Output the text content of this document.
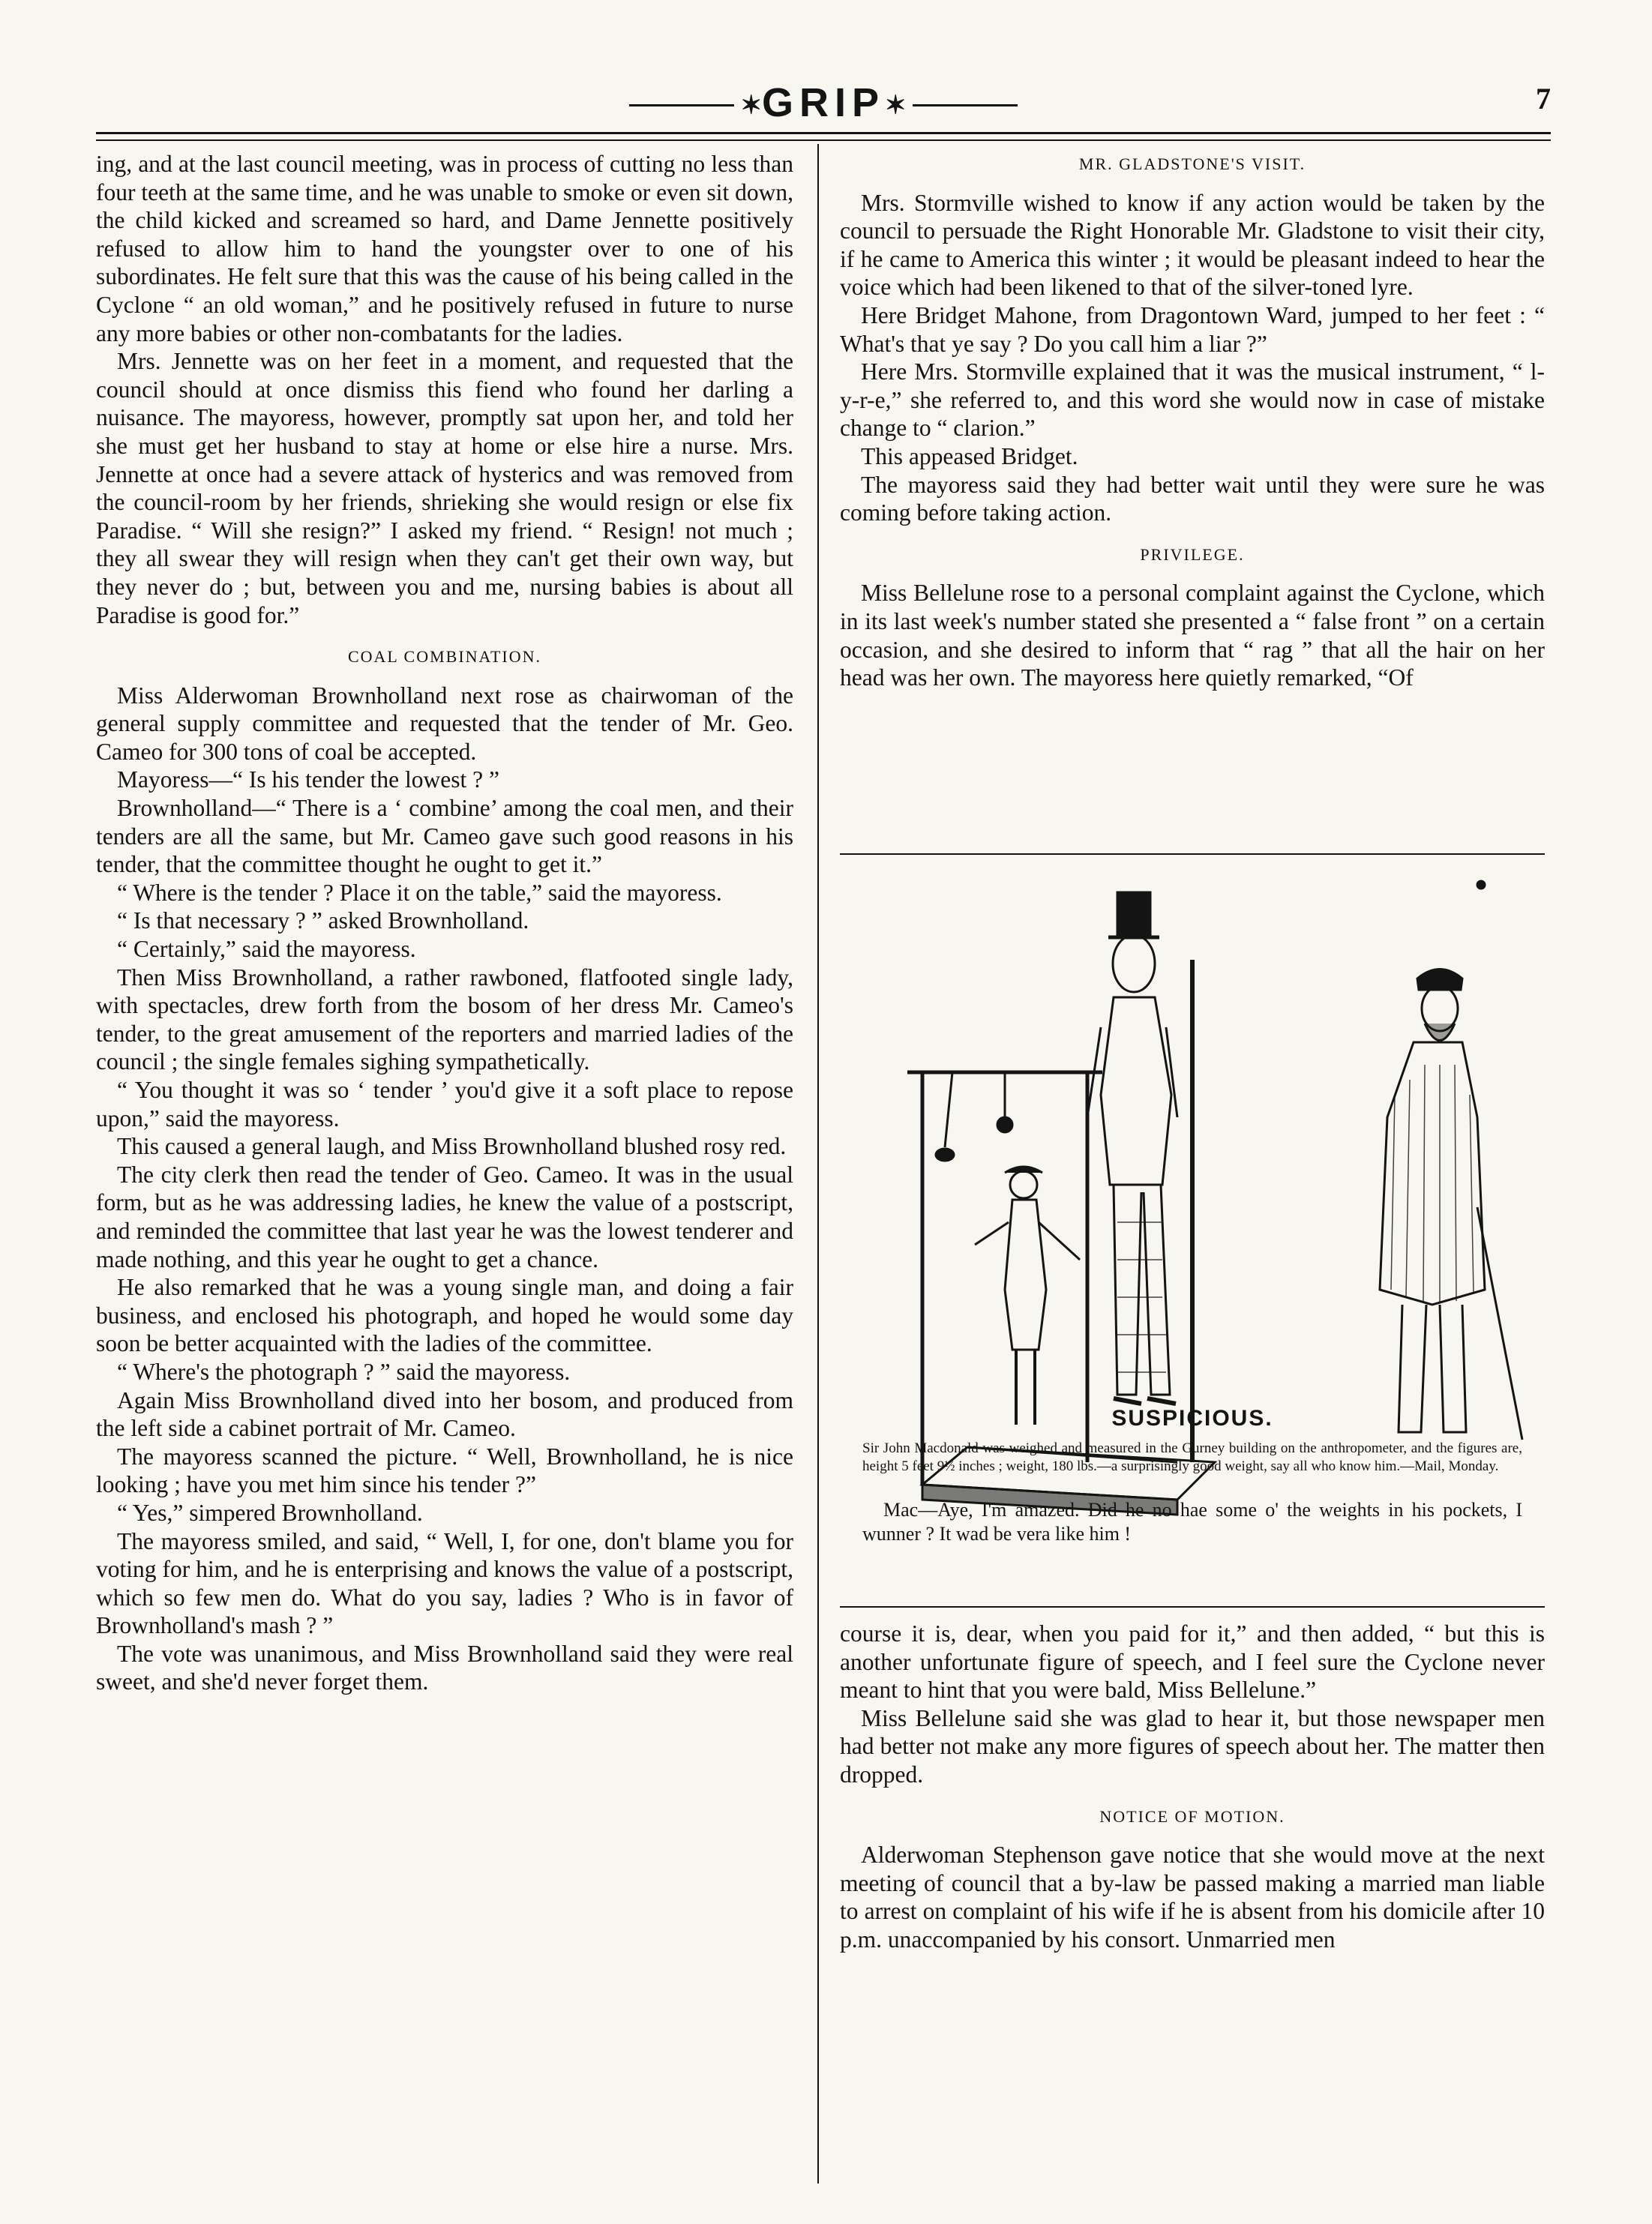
✶GRIP✶	7

ing, and at the last council meeting, was in process of cutting no less than four teeth at the same time, and he was unable to smoke or even sit down, the child kicked and screamed so hard, and Dame Jennette positively refused to allow him to hand the youngster over to one of his subordinates. He felt sure that this was the cause of his being called in the Cyclone “ an old woman,” and he positively refused in future to nurse any more babies or other non-combatants for the ladies.

Mrs. Jennette was on her feet in a moment, and requested that the council should at once dismiss this fiend who found her darling a nuisance. The mayoress, however, promptly sat upon her, and told her she must get her husband to stay at home or else hire a nurse. Mrs. Jennette at once had a severe attack of hysterics and was removed from the council-room by her friends, shrieking she would resign or else fix Paradise. “ Will she resign?” I asked my friend. “ Resign! not much ; they all swear they will resign when they can't get their own way, but they never do ; but, between you and me, nursing babies is about all Paradise is good for.”

COAL COMBINATION.

Miss Alderwoman Brownholland next rose as chairwoman of the general supply committee and requested that the tender of Mr. Geo. Cameo for 300 tons of coal be accepted.

Mayoress—“ Is his tender the lowest ? ”

Brownholland—“ There is a ‘ combine’ among the coal men, and their tenders are all the same, but Mr. Cameo gave such good reasons in his tender, that the committee thought he ought to get it.”

“ Where is the tender ? Place it on the table,” said the mayoress.

“ Is that necessary ? ” asked Brownholland.

“ Certainly,” said the mayoress.

Then Miss Brownholland, a rather rawboned, flatfooted single lady, with spectacles, drew forth from the bosom of her dress Mr. Cameo's tender, to the great amusement of the reporters and married ladies of the council ; the single females sighing sympathetically.

“ You thought it was so ‘ tender ’ you'd give it a soft place to repose upon,” said the mayoress.

This caused a general laugh, and Miss Brownholland blushed rosy red.

The city clerk then read the tender of Geo. Cameo. It was in the usual form, but as he was addressing ladies, he knew the value of a postscript, and reminded the committee that last year he was the lowest tenderer and made nothing, and this year he ought to get a chance.

He also remarked that he was a young single man, and doing a fair business, and enclosed his photograph, and hoped he would some day soon be better acquainted with the ladies of the committee.

“ Where's the photograph ? ” said the mayoress.

Again Miss Brownholland dived into her bosom, and produced from the left side a cabinet portrait of Mr. Cameo.

The mayoress scanned the picture. “ Well, Brownholland, he is nice looking ; have you met him since his tender ?”

“ Yes,” simpered Brownholland.

The mayoress smiled, and said, “ Well, I, for one, don't blame you for voting for him, and he is enterprising and knows the value of a postscript, which so few men do. What do you say, ladies ? Who is in favor of Brownholland's mash ? ”

The vote was unanimous, and Miss Brownholland said they were real sweet, and she'd never forget them.

MR. GLADSTONE'S VISIT.

Mrs. Stormville wished to know if any action would be taken by the council to persuade the Right Honorable Mr. Gladstone to visit their city, if he came to America this winter ; it would be pleasant indeed to hear the voice which had been likened to that of the silver-toned lyre.

Here Bridget Mahone, from Dragontown Ward, jumped to her feet : “ What's that ye say ? Do you call him a liar ?”

Here Mrs. Stormville explained that it was the musical instrument, “ l-y-r-e,” she referred to, and this word she would now in case of mistake change to “ clarion.”

This appeased Bridget.

The mayoress said they had better wait until they were sure he was coming before taking action.

PRIVILEGE.

Miss Bellelune rose to a personal complaint against the Cyclone, which in its last week's number stated she presented a “ false front ” on a certain occasion, and she desired to inform that “ rag ” that all the hair on her head was her own. The mayoress here quietly remarked, “Of

SUSPICIOUS.
Sir John Macdonald was weighed and measured in the Gurney building on the anthropometer, and the figures are, height 5 feet 9½ inches ; weight, 180 lbs.—a surprisingly good weight, say all who know him.—Mail, Monday.
Mac—Aye, I'm amazed. Did he no hae some o' the weights in his pockets, I wunner ? It wad be vera like him !

course it is, dear, when you paid for it,” and then added, “ but this is another unfortunate figure of speech, and I feel sure the Cyclone never meant to hint that you were bald, Miss Bellelune.”

Miss Bellelune said she was glad to hear it, but those newspaper men had better not make any more figures of speech about her. The matter then dropped.

NOTICE OF MOTION.

Alderwoman Stephenson gave notice that she would move at the next meeting of council that a by-law be passed making a married man liable to arrest on complaint of his wife if he is absent from his domicile after 10 p.m. unaccompanied by his consort. Unmarried men
